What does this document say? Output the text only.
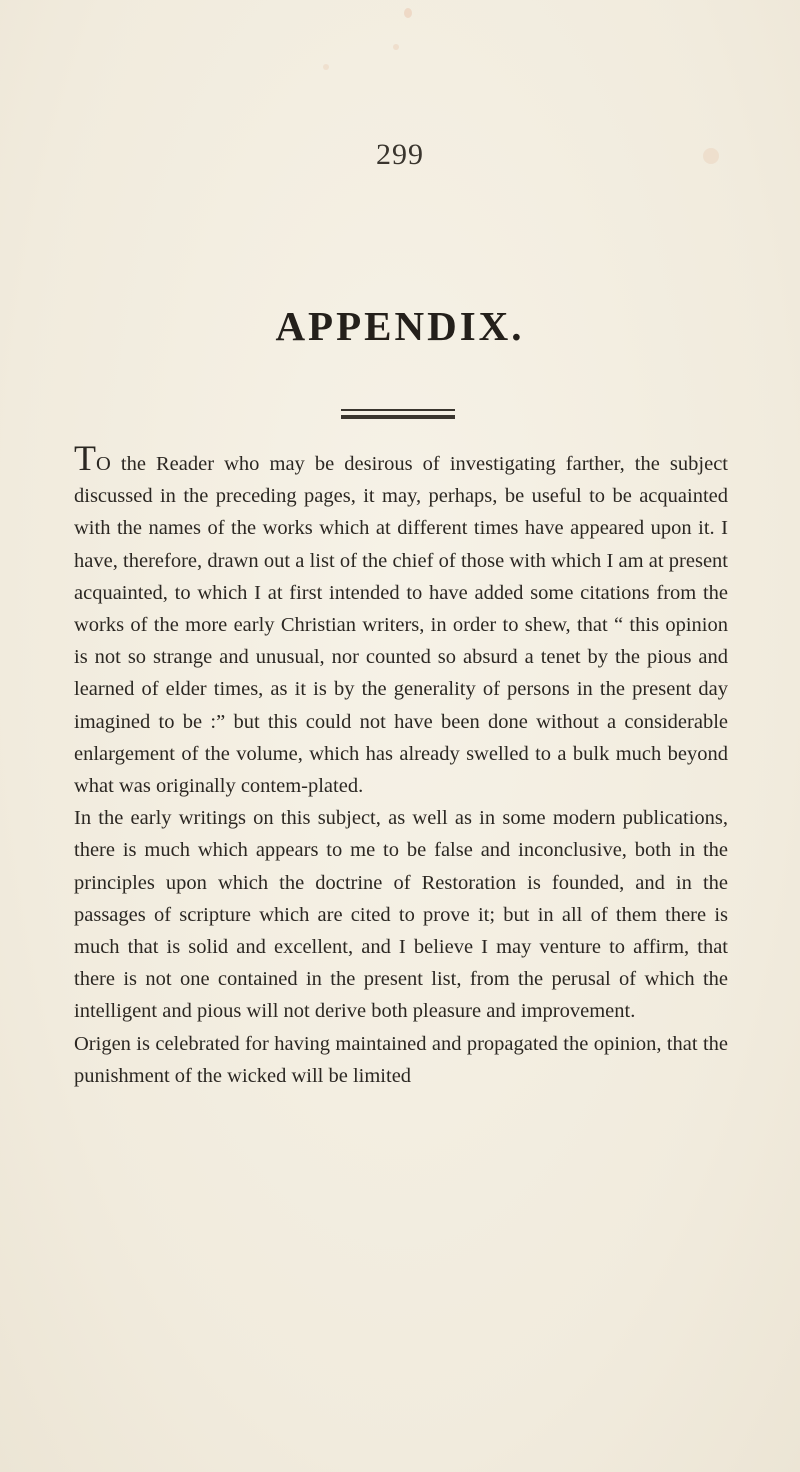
299
APPENDIX.

TO the Reader who may be desirous of investigating farther, the subject discussed in the preceding pages, it may, perhaps, be useful to be acquainted with the names of the works which at different times have appeared upon it. I have, therefore, drawn out a list of the chief of those with which I am at present acquainted, to which I at first intended to have added some citations from the works of the more early Christian writers, in order to shew, that “ this opinion is not so strange and unusual, nor counted so absurd a tenet by the pious and learned of elder times, as it is by the generality of persons in the present day imagined to be :” but this could not have been done without a considerable enlargement of the volume, which has already swelled to a bulk much beyond what was originally contem-plated.

In the early writings on this subject, as well as in some modern publications, there is much which appears to me to be false and inconclusive, both in the principles upon which the doctrine of Restoration is founded, and in the passages of scripture which are cited to prove it; but in all of them there is much that is solid and excellent, and I believe I may venture to affirm, that there is not one contained in the present list, from the perusal of which the intelligent and pious will not derive both pleasure and improvement.

Origen is celebrated for having maintained and propagated the opinion, that the punishment of the wicked will be limited
